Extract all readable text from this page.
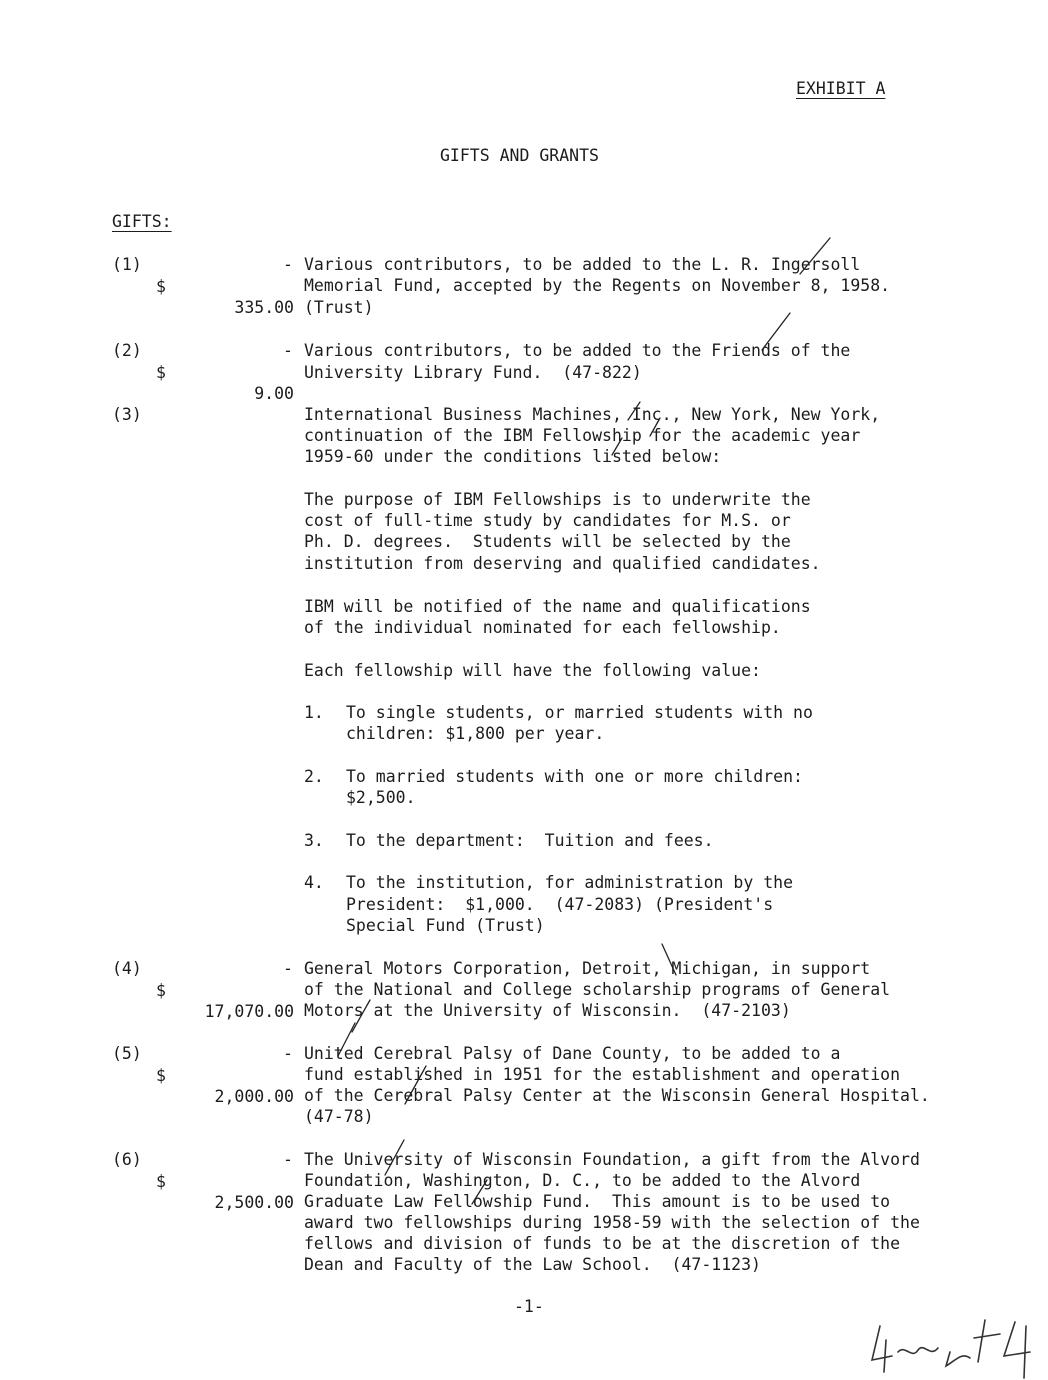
EXHIBIT A
GIFTS AND GRANTS
GIFTS:
(1)

$

335.00

- Various contributors, to be added to the L. R. Ingersoll
Memorial Fund, accepted by the Regents on November 8, 1958.
(Trust)
(2)

$

9.00

- Various contributors, to be added to the Friends of the
University Library Fund.  (47-822)
(3)	International Business Machines, Inc., New York, New York,
continuation of the IBM Fellowship for the academic year
1959-60 under the conditions listed below:
The purpose of IBM Fellowships is to underwrite the
cost of full-time study by candidates for M.S. or
Ph. D. degrees.  Students will be selected by the
institution from deserving and qualified candidates.
IBM will be notified of the name and qualifications
of the individual nominated for each fellowship.
Each fellowship will have the following value:
1. To single students, or married students with no
children: $1,800 per year.
2. To married students with one or more children:
$2,500.
3. To the department:  Tuition and fees.
4. To the institution, for administration by the
President:  $1,000.  (47-2083) (President's
Special Fund (Trust)
(4)

$

17,070.00

- General Motors Corporation, Detroit, Michigan, in support
of the National and College scholarship programs of General
Motors at the University of Wisconsin.  (47-2103)
(5)

$

2,000.00

- United Cerebral Palsy of Dane County, to be added to a
fund established in 1951 for the establishment and operation
of the Cerebral Palsy Center at the Wisconsin General Hospital.
(47-78)
(6)

$

2,500.00

- The University of Wisconsin Foundation, a gift from the Alvord
Foundation, Washington, D. C., to be added to the Alvord
Graduate Law Fellowship Fund.  This amount is to be used to
award two fellowships during 1958-59 with the selection of the
fellows and division of funds to be at the discretion of the
Dean and Faculty of the Law School.  (47-1123)
-1-
